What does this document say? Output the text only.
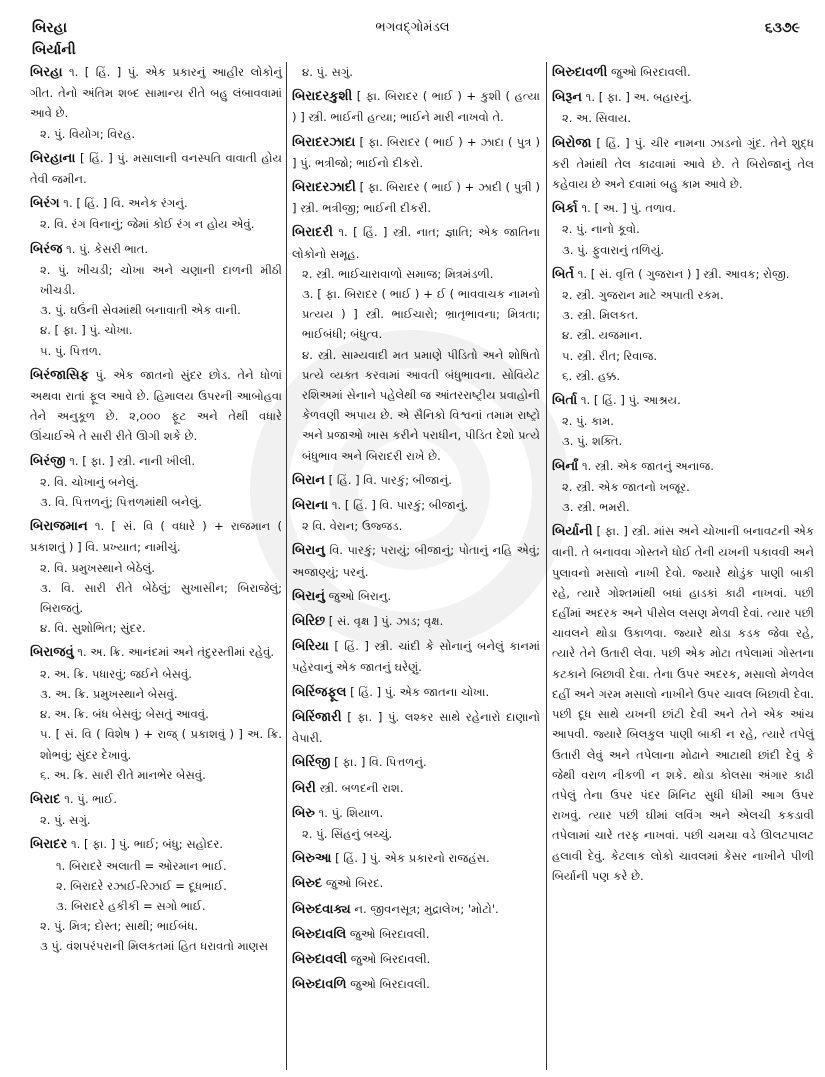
બિરહા
બિર્યાની
ભગવદ્ગોમંડલ	૬૩૭૯
બિરહા ૧. [ હિં. ] પું. એક પ્રકારનું આહીર લોકોનું ગીત. તેનો અંતિમ શબ્દ સામાન્ય રીતે બહુ લંબાવવામાં આવે છે.
૨. પું. વિયોગ; વિરહ.
બિરહાના [ હિં. ] પું. મસાલાની વનસ્પતિ વાવાતી હોય તેવી જમીન.
બિરંગ ૧. [ હિં. ] વિ. અનેક રંગનું.
૨. વિ. રંગ વિનાનું; જેમાં કોઈ રંગ ન હોય એવું.
બિરંજ ૧. પું. કેસરી ભાત.
૨. પું. ખીચડી; ચોખા અને ચણાની દાળની મીઠી ખીચડી.
૩. પું. ઘઉંની સેવમાંથી બનાવાતી એક વાની.
૪. [ ફા. ] પું. ચોખા.
૫. પું. પિત્તળ.
બિરંજાસિફ પું. એક જાતનો સુંદર છોડ. તેને ધોળાં અથવા રાતાં ફૂલ આવે છે. હિમાલય ઉપરની આબોહવા તેને અનુકૂળ છે. ૨,૦૦૦ ફૂટ અને તેથી વધારે ઊંચાઈએ તે સારી રીતે ઊગી શકે છે.
બિરંજી ૧. [ ફા. ] સ્ત્રી. નાની ખીલી.
૨. વિ. ચોખાનું બનેલું.
૩. વિ. પિત્તળનું; પિત્તળમાંથી બનેલું.
બિરાજમાન ૧. [ સં. વિ ( વધારે ) + રાજમાન ( પ્રકાશતું ) ] વિ. પ્રખ્યાત; નામીચું.
૨. વિ. પ્રમુખસ્થાને બેઠેલું.
૩. વિ. સારી રીતે બેઠેલું; સુખાસીન; બિરાજેલું; બિરાજતું.
૪. વિ. સુશોભિત; સુંદર.
બિરાજવું ૧. અ. ક્રિ. આનંદમાં અને તંદુરસ્તીમાં રહેવું.
૨. અ. ક્રિ. પધારવું; જઈને બેસવું.
૩. અ. ક્રિ. પ્રમુખસ્થાને બેસવું.
૪. અ. ક્રિ. બંધ બેસવું; બેસતું આવવું.
૫. [ સં. વિ ( વિશેષ ) + રાજ્ ( પ્રકાશવું ) ] અ. ક્રિ. શોભવું; સુંદર દેખાવું.
૬. અ. ક્રિ. સારી રીતે માનભેર બેસવું.
બિરાદ ૧. પું. ભાઈ.
૨. પું. સગું.
બિરાદર ૧. [ ફા. ] પું. ભાઈ; બંધુ; સહોદર.
૧. બિરાદરે અલાતી = ઓરમાન ભાઈ.
૨. બિરાદરે રઝાઈ-રિઝાઈ = દૂધભાઈ.
૩. બિરાદરે હકીકી = સગો ભાઈ.
૨. પું. મિત્ર; દોસ્ત; સાથી; ભાઈબંધ.
૩ પું. વંશપરંપરાની મિલકતમાં હિત ધરાવતો માણસ
૪. પું. સગું.
બિરાદરકુશી [ ફા. બિરાદર ( ભાઈ ) + કુશી ( હત્યા ) ] સ્ત્રી. ભાઈની હત્યા; ભાઈને મારી નાખવો તે.
બિરાદરઝાદા [ ફા. બિરાદર ( ભાઈ ) + ઝાદા ( પુત્ર ) ] પું. ભત્રીજો; ભાઈનો દીકરો.
બિરાદરઝાદી [ ફા. બિરાદર ( ભાઈ ) + ઝાદી ( પુત્રી ) ] સ્ત્રી. ભત્રીજી; ભાઈની દીકરી.
બિરાદરી ૧. [ હિં. ] સ્ત્રી. નાત; જ્ઞાતિ; એક જાતિના લોકોનો સમૂહ.
૨. સ્ત્રી. ભાઈચારાવાળો સમાજ; મિત્રમંડળી.
૩. [ ફા. બિરાદર ( ભાઈ ) + ઈ ( ભાવવાચક નામનો પ્રત્યય ) ] સ્ત્રી. ભાઈચારો; ભ્રાતૃભાવના; મિત્રતા; ભાઈબંધી; બંધુત્વ.
૪. સ્ત્રી. સામ્યવાદી મત પ્રમાણે પીડિતો અને શોષિતો પ્રત્યે વ્યક્ત કરવામાં આવતી બંધુભાવના. સોવિયેટ રશિઅમાં સેનાને પહેલેથી જ આંતરરાષ્ટ્રીય પ્રવાહોની કેળવણી અપાય છે. એ સૈનિકો વિશ્વનાં તમામ રાષ્ટ્રો અને પ્રજાઓ ખાસ કરીને પરાધીન, પીડિત દેશો પ્રત્યે બંધુભાવ અને બિરાદરી રાખે છે.
બિરાન [ હિં. ] વિ. પારકું; બીજાનું.
બિરાના ૧. [ હિં. ] વિ. પારકું; બીજાનું.
૨ વિ. વેરાન; ઉજ્જડ.
બિરાનુ વિ. પારકું; પરાયું; બીજાનું; પોતાનું નહિ એવું; અજાણ્યું; પરનું.
બિરાનું જુઓ બિરાનુ.
બિરિછ [ સં. વૃક્ષ ] પું. ઝાડ; વૃક્ષ.
બિરિયા [ હિં. ] સ્ત્રી. ચાંદી કે સોનાનું બનેલું કાનમાં પહેરવાનું એક જાતનું ઘરેણું.
બિરિંજફૂલ [ હિં. ] પું. એક જાતના ચોખા.
બિરિંજારી [ ફા. ] પું. લશ્કર સાથે રહેનારો દાણાનો વેપારી.
બિરિંજી [ ફા. ] વિ. પિત્તળનું.
બિરી સ્ત્રી. બળદની રાશ.
બિરુ ૧. પું. શિયાળ.
૨. પું. સિંહનું બચ્ચું.
બિરુઆ [ હિં. ] પું. એક પ્રકારનો રાજહંસ.
બિરુદ જુઓ બિરદ.
બિરુદવાક્ય ન. જીવનસૂત્ર; મુદ્રાલેખ; 'મોટો'.
બિરુદાવલિ જુઓ બિરદાવલી.
બિરુદાવલી જુઓ બિરદાવલી.
બિરુદાવળિ જુઓ બિરદાવલી.
બિરુદાવળી જુઓ બિરદાવલી.
બિરૂન ૧. [ ફા. ] અ. બહારનું.
૨. અ. સિવાય.
બિરોજા [ હિં. ] પું. ચીર નામના ઝાડનો ગુંદ. તેને શુદ્ધ કરી તેમાંથી તેલ કાઢવામાં આવે છે. તે બિરોજાનું તેલ કહેવાય છે અને દવામાં બહુ કામ આવે છે.
બિર્કા ૧. [ અ. ] પું. તળાવ.
૨. પું. નાનો કૂવો.
૩. પું. ફુવારાનું તળિયું.
બિર્ત ૧. [ સં. વૃત્તિ ( ગુજરાન ) ] સ્ત્રી. આવક; રોજી.
૨. સ્ત્રી. ગુજરાન માટે અપાતી રકમ.
૩. સ્ત્રી. મિલકત.
૪. સ્ત્રી. યજમાન.
૫. સ્ત્રી. રીત; રિવાજ.
૬. સ્ત્રી. હક્ક.
બિર્તા ૧. [ હિં. ] પું. આશ્રય.
૨. પું. કામ.
૩. પું. શક્તિ.
બિર્નાં ૧. સ્ત્રી. એક જાતનું અનાજ.
૨. સ્ત્રી. એક જાતનો ખજૂર.
૩. સ્ત્રી. ભમરી.
બિર્યાની [ ફા. ] સ્ત્રી. માંસ અને ચોખાની બનાવટની એક વાની. તે બનાવવા ગોસ્તને ધોઈ તેની યખની પકાવવી અને પુલાવનો મસાલો નાખી દેવો. જ્યારે થોડુંક પાણી બાકી રહે, ત્યારે ગોશ્તમાંથી બધાં હાડકાં કાઢી નાખવાં. પછી દહીંમાં અદરક અને પીસેલ લસણ મેળવી દેવાં. ત્યાર પછી ચાવલને થોડા ઉકાળવા. જ્યારે થોડા કડક જેવા રહે, ત્યારે તેને ઉતારી લેવા. પછી એક મોટા તપેલામાં ગોસ્તના કટકાને બિછાવી દેવા. તેના ઉપર અદરક, મસાલો મેળવેલ દહીં અને ગરમ મસાલો નાખીને ઉપર ચાવલ બિછાવી દેવા. પછી દૂધ સાથે યખની છાંટી દેવી અને તેને એક આંચ આપવી. જ્યારે બિલકુલ પાણી બાકી ન રહે, ત્યારે તપેલું ઉતારી લેવું અને તપેલાના મોઢાને આટાથી છાંદી દેવું કે જેથી વરાળ નીકળી ન શકે. થોડા કોલસા અંગાર કાઢી તપેલું તેના ઉપર પંદર મિનિટ સુધી ધીમી આગ ઉપર રાખવું. ત્યાર પછી ઘીમાં લવિંગ અને એલચી કકડાવી તપેલામાં ચારે તરફ નાખવાં. પછી ચમચા વડે ઊલટપાલટ હલાવી દેવું. કેટલાક લોકો ચાવલમાં કેસર નાખીને પીળી બિર્યાની પણ કરે છે.
